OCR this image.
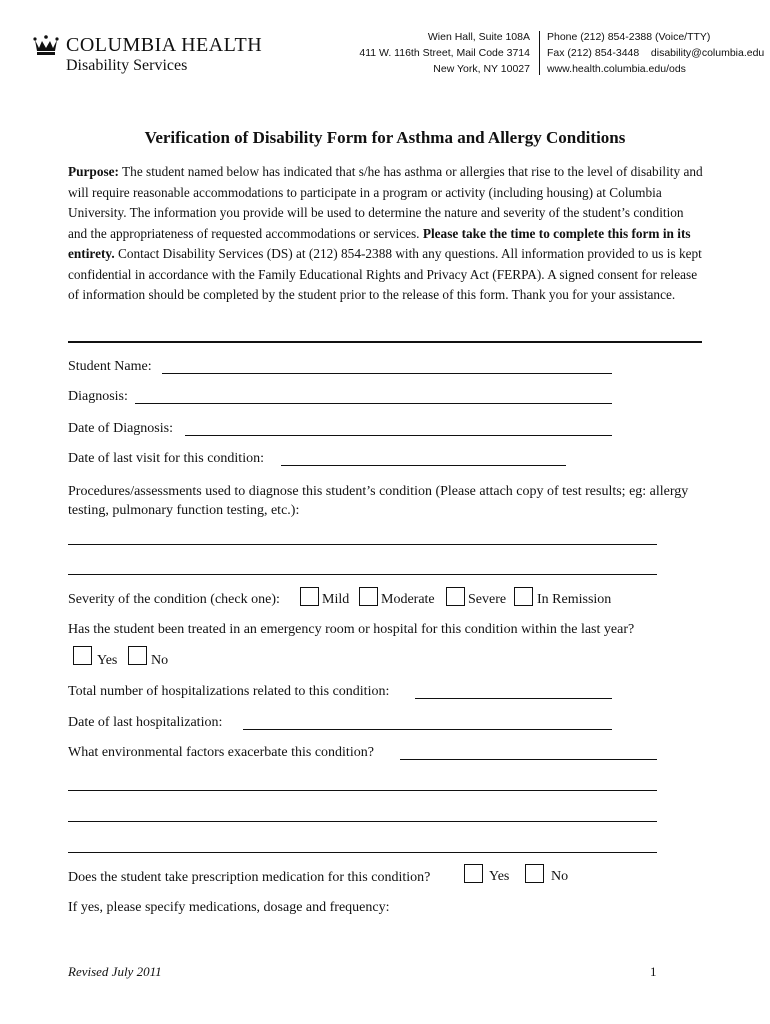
COLUMBIA HEALTH
Disability Services
Wien Hall, Suite 108A
411 W. 116th Street, Mail Code 3714
New York, NY 10027
Phone (212) 854-2388 (Voice/TTY)
Fax (212) 854-3448    disability@columbia.edu
www.health.columbia.edu/ods
Verification of Disability Form for Asthma and Allergy Conditions
Purpose: The student named below has indicated that s/he has asthma or allergies that rise to the level of disability and will require reasonable accommodations to participate in a program or activity (including housing) at Columbia University. The information you provide will be used to determine the nature and severity of the student’s condition and the appropriateness of requested accommodations or services. Please take the time to complete this form in its entirety. Contact Disability Services (DS) at (212) 854-2388 with any questions. All information provided to us is kept confidential in accordance with the Family Educational Rights and Privacy Act (FERPA). A signed consent for release of information should be completed by the student prior to the release of this form. Thank you for your assistance.
Student Name:
Diagnosis:
Date of Diagnosis:
Date of last visit for this condition:
Procedures/assessments used to diagnose this student’s condition (Please attach copy of test results; eg: allergy testing, pulmonary function testing, etc.):
Severity of the condition (check one):	Mild Moderate Severe In Remission
Has the student been treated in an emergency room or hospital for this condition within the last year?
Yes No
Total number of hospitalizations related to this condition:
Date of last hospitalization:
What environmental factors exacerbate this condition?
Does the student take prescription medication for this condition?	Yes	No
If yes, please specify medications, dosage and frequency:
Revised July 2011	1
